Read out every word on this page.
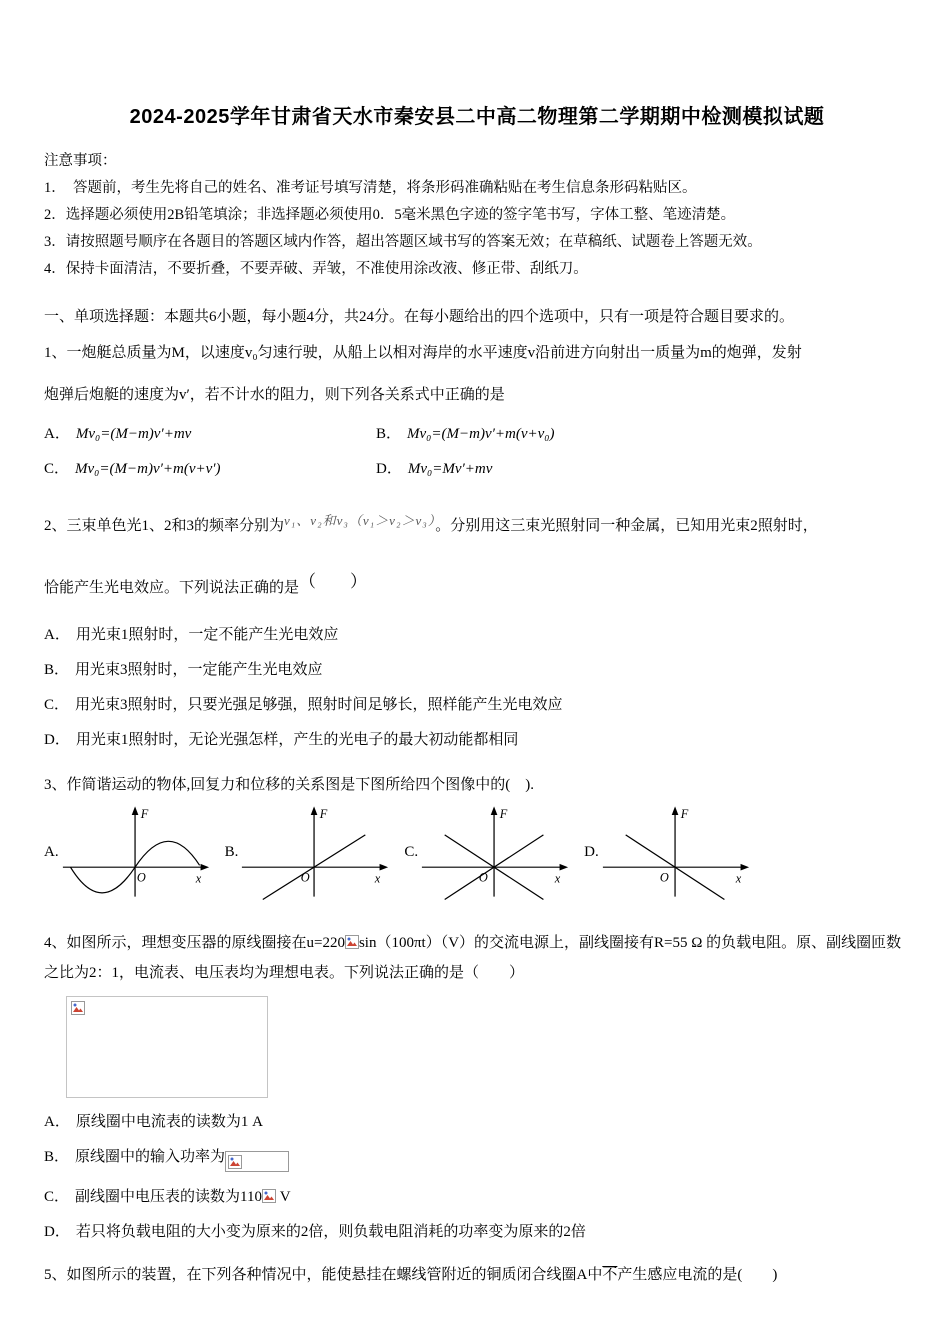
2024-2025学年甘肃省天水市秦安县二中高二物理第二学期期中检测模拟试题

注意事项：

1．　答题前，考生先将自己的姓名、准考证号填写清楚，将条形码准确粘贴在考生信息条形码粘贴区。

2．选择题必须使用2B铅笔填涂；非选择题必须使用0．5毫米黑色字迹的签字笔书写，字体工整、笔迹清楚。

3．请按照题号顺序在各题目的答题区域内作答，超出答题区域书写的答案无效；在草稿纸、试题卷上答题无效。

4．保持卡面清洁，不要折叠，不要弄破、弄皱，不准使用涂改液、修正带、刮纸刀。

一、单项选择题：本题共6小题，每小题4分，共24分。在每小题给出的四个选项中，只有一项是符合题目要求的。

1、一炮艇总质量为M，以速度v₀匀速行驶，从船上以相对海岸的水平速度v沿前进方向射出一质量为m的炮弹，发射

炮弹后炮艇的速度为v′，若不计水的阻力，则下列各关系式中正确的是

A． Mv₀=(M−m)v′+mv	B． Mv₀=(M−m)v′+m(v+v₀)
C． Mv₀=(M−m)v′+m(v+v′)	D． Mv₀=Mv′+mv

2、三束单色光1、2和3的频率分别为v₁、v₂和v₃（v₁＞v₂＞v₃）。分别用这三束光照射同一种金属，已知用光束2照射时，

恰能产生光电效应。下列说法正确的是（　　）

A． 用光束1照射时，一定不能产生光电效应

B． 用光束3照射时，一定能产生光电效应

C． 用光束3照射时，只要光强足够强，照射时间足够长，照样能产生光电效应

D． 用光束1照射时，无论光强怎样，产生的光电子的最大初动能都相同

3、作简谐运动的物体,回复力和位移的关系图是下图所给四个图像中的(　).

A.
F
x
O
B.
F
x
O
C.
F
x
O
D.
F
x
O

4、如图所示，理想变压器的原线圈接在u=220 sin（100πt）（V）的交流电源上，副线圈接有R=55 Ω 的负载电阻。原、副线圈匝数之比为2：1，电流表、电压表均为理想电表。下列说法正确的是（　　）

A． 原线圈中电流表的读数为1 A

B． 原线圈中的输入功率为

C． 副线圈中电压表的读数为110 V

D． 若只将负载电阻的大小变为原来的2倍，则负载电阻消耗的功率变为原来的2倍

5、如图所示的装置，在下列各种情况中，能使悬挂在螺线管附近的铜质闭合线圈A中不产生感应电流的是(　　)
